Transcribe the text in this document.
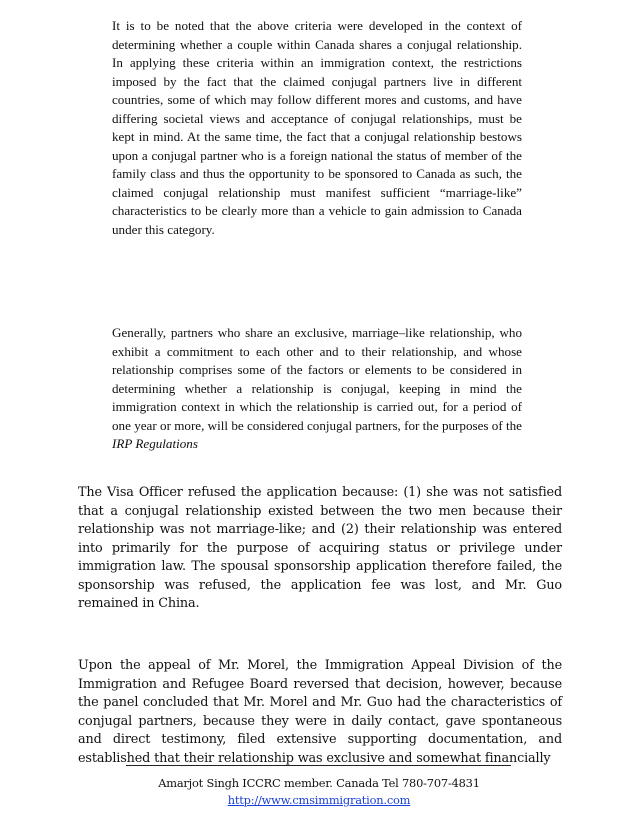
It is to be noted that the above criteria were developed in the context of determining whether a couple within Canada shares a conjugal relationship. In applying these criteria within an immigration context, the restrictions imposed by the fact that the claimed conjugal partners live in different countries, some of which may follow different mores and customs, and have differing societal views and acceptance of conjugal relationships, must be kept in mind. At the same time, the fact that a conjugal relationship bestows upon a conjugal partner who is a foreign national the status of member of the family class and thus the opportunity to be sponsored to Canada as such, the claimed conjugal relationship must manifest sufficient “marriage-like” characteristics to be clearly more than a vehicle to gain admission to Canada under this category.

Generally, partners who share an exclusive, marriage–like relationship, who exhibit a commitment to each other and to their relationship, and whose relationship comprises some of the factors or elements to be considered in determining whether a relationship is conjugal, keeping in mind the immigration context in which the relationship is carried out, for a period of one year or more, will be considered conjugal partners, for the purposes of the IRP Regulations

The Visa Officer refused the application because: (1) she was not satisfied that a conjugal relationship existed between the two men because their relationship was not marriage-like; and (2) their relationship was entered into primarily for the purpose of acquiring status or privilege under immigration law. The spousal sponsorship application therefore failed, the sponsorship was refused, the application fee was lost, and Mr. Guo remained in China.

Upon the appeal of Mr. Morel, the Immigration Appeal Division of the Immigration and Refugee Board reversed that decision, however, because the panel concluded that Mr. Morel and Mr. Guo had the characteristics of conjugal partners, because they were in daily contact, gave spontaneous and direct testimony, filed extensive supporting documentation, and established that their relationship was exclusive and somewhat financially

Amarjot Singh ICCRC member. Canada Tel 780-707-4831

http://www.cmsimmigration.com
